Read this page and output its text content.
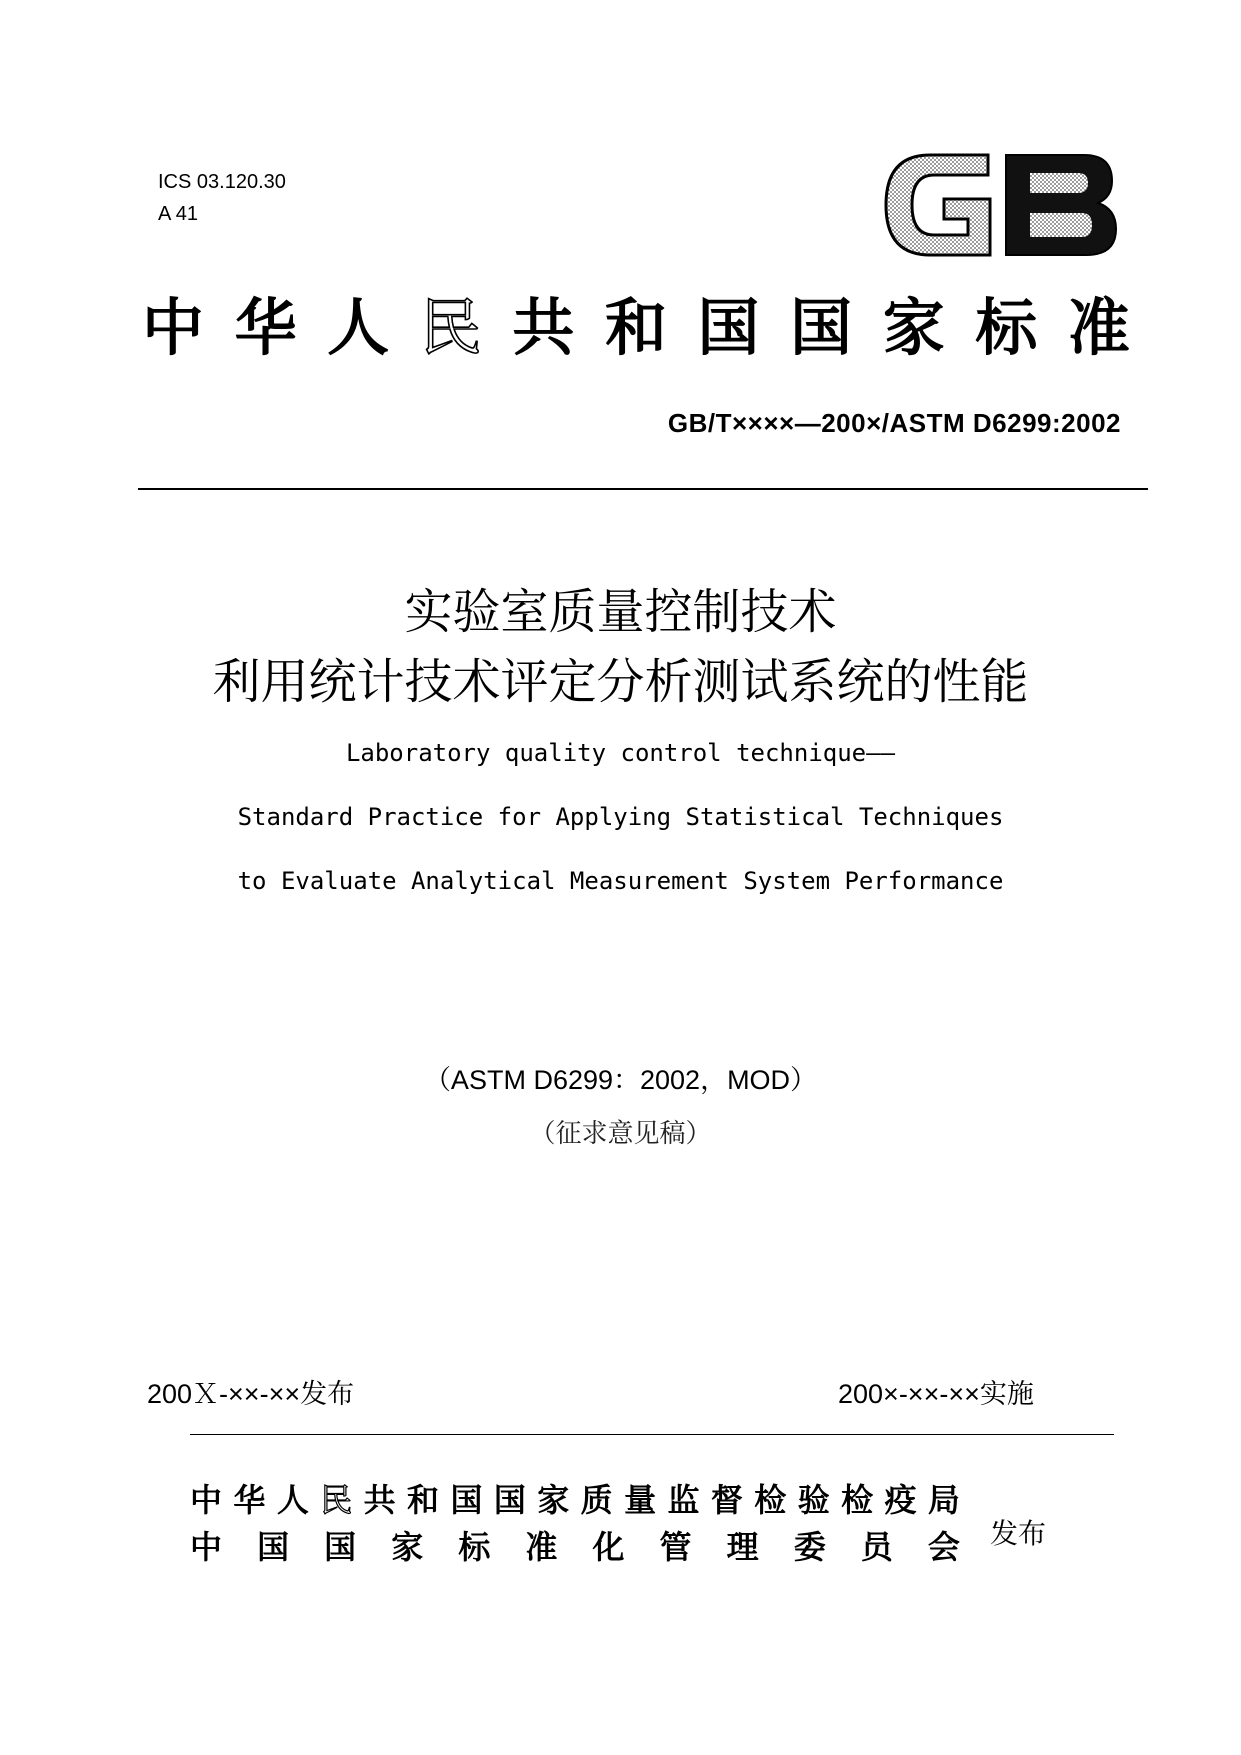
ICS 03.120.30
A 41
GB
中 华 人 民 共 和 国 国 家 标 准
GB/T××××—200×/ASTM D6299:2002
实验室质量控制技术
利用统计技术评定分析测试系统的性能
Laboratory quality control technique——
Standard Practice for Applying Statistical Techniques
to Evaluate Analytical Measurement System Performance
（ASTM D6299：2002，MOD）
（征求意见稿）
200Ｘ-××-××发布	200×-××-××实施
中 华 人 民 共 和 国 国 家 质 量 监 督 检 验 检 疫 局
中 国 国 家 标 准 化 管 理 委 员 会 发布
